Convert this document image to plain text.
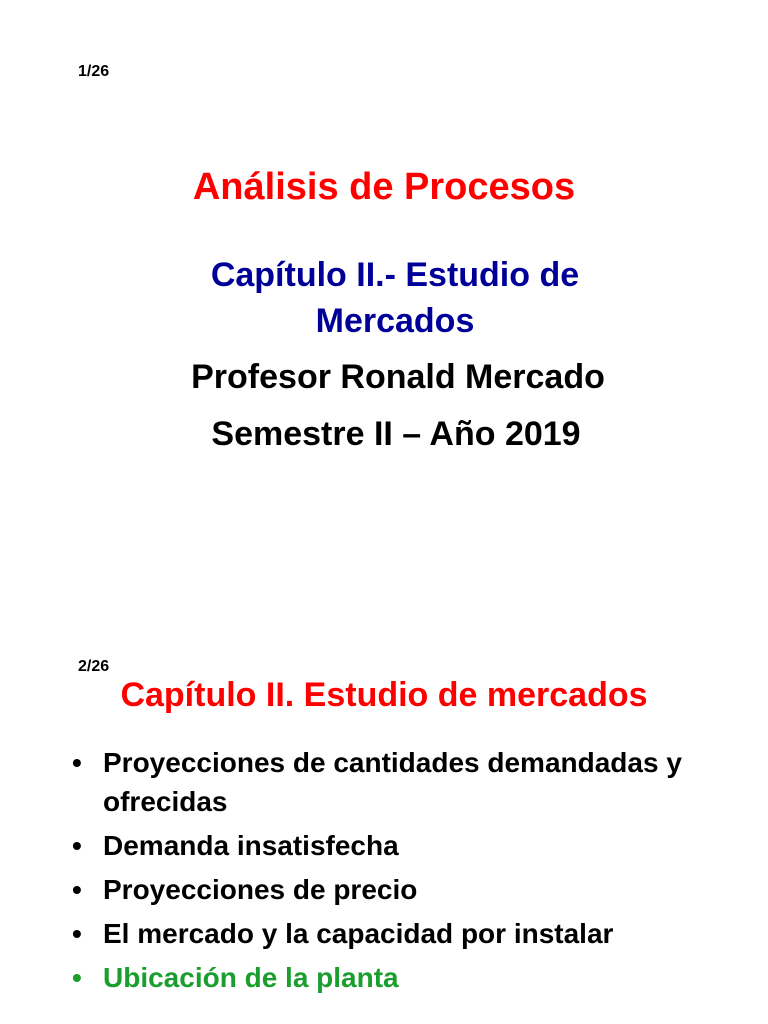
1/26
Análisis de Procesos
Capítulo II.- Estudio de Mercados
Profesor Ronald Mercado
Semestre II – Año 2019
2/26
Capítulo II. Estudio de mercados
• Proyecciones de cantidades demandadas y ofrecidas
• Demanda insatisfecha
• Proyecciones de precio
• El mercado y la capacidad por instalar
• Ubicación de la planta
